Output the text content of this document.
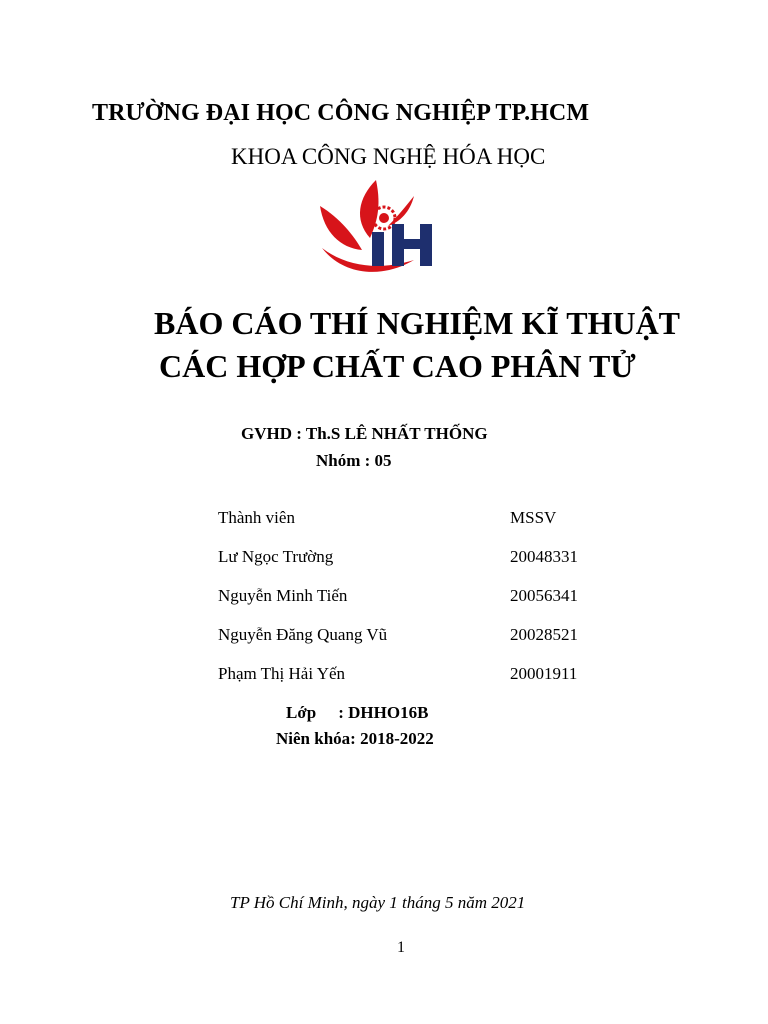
TRƯỜNG ĐẠI HỌC CÔNG NGHIỆP TP.HCM
KHOA CÔNG NGHỆ HÓA HỌC
BÁO CÁO THÍ NGHIỆM KĨ THUẬT
CÁC HỢP CHẤT CAO PHÂN TỬ
GVHD : Th.S LÊ NHẤT THỐNG
Nhóm : 05
Thành viên	MSSV
Lư Ngọc Trường	20048331
Nguyễn Minh Tiến	20056341
Nguyễn Đăng Quang Vũ	20028521
Phạm Thị Hải Yến	20001911
Lớp : DHHO16B
Niên khóa: 2018-2022
TP Hồ Chí Minh, ngày 1 tháng 5 năm 2021
1
